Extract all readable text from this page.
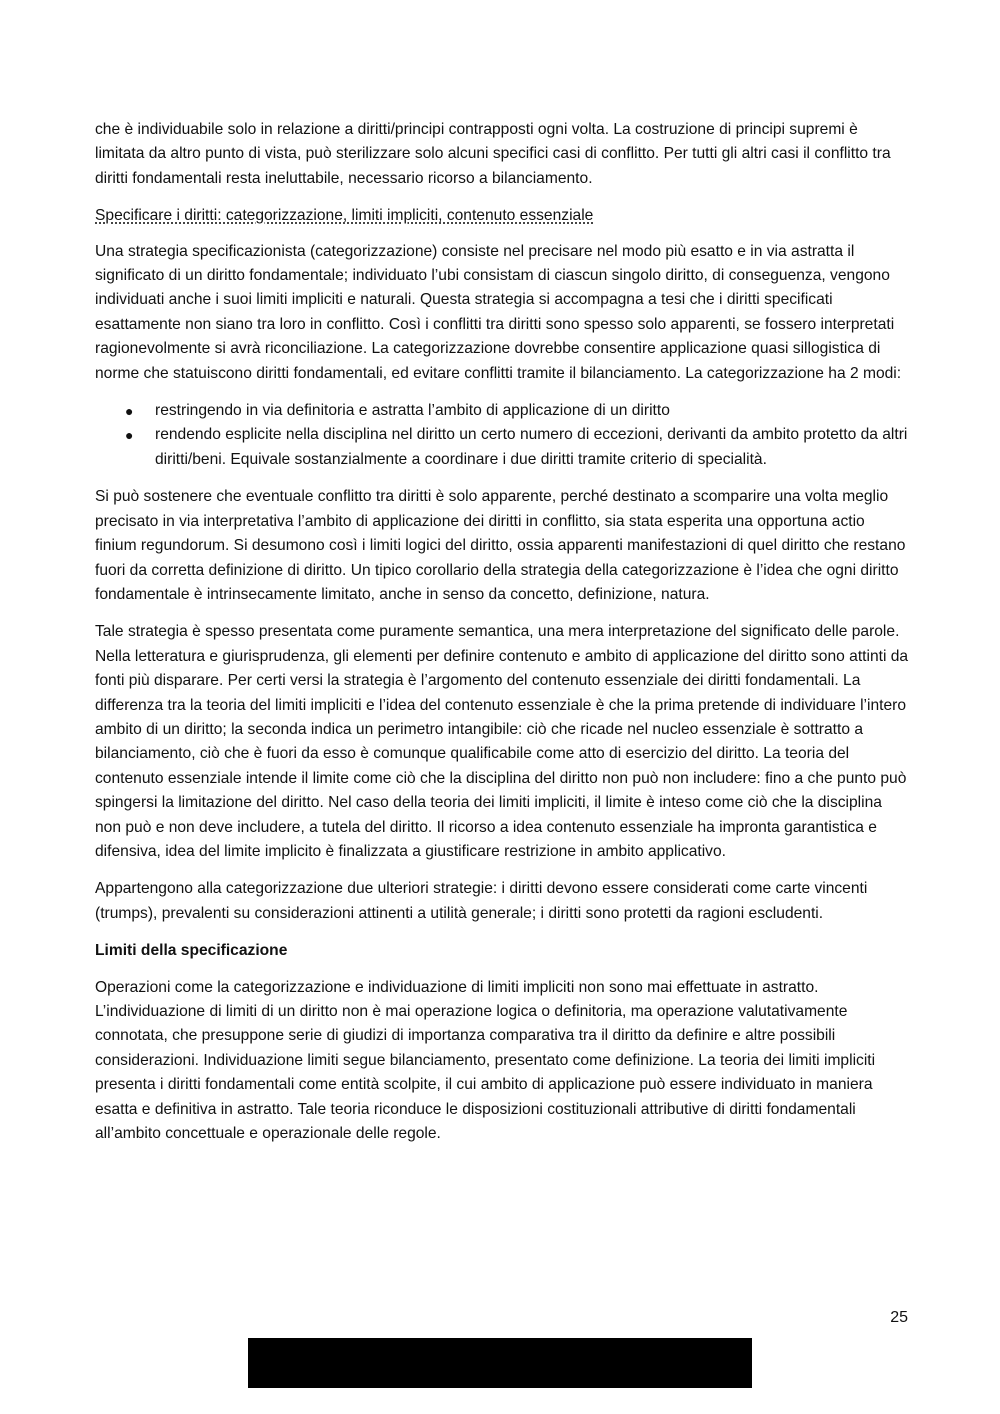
che è individuabile solo in relazione a diritti/principi contrapposti ogni volta. La costruzione di principi supremi è limitata da altro punto di vista, può sterilizzare solo alcuni specifici casi di conflitto. Per tutti gli altri casi il conflitto tra diritti fondamentali resta ineluttabile, necessario ricorso a bilanciamento.

Specificare i diritti: categorizzazione, limiti impliciti, contenuto essenziale

Una strategia specificazionista (categorizzazione) consiste nel precisare nel modo più esatto e in via astratta il significato di un diritto fondamentale; individuato l’ubi consistam di ciascun singolo diritto, di conseguenza, vengono individuati anche i suoi limiti impliciti e naturali. Questa strategia si accompagna a tesi che i diritti specificati esattamente non siano tra loro in conflitto. Così i conflitti tra diritti sono spesso solo apparenti, se fossero interpretati ragionevolmente si avrà riconciliazione. La categorizzazione dovrebbe consentire applicazione quasi sillogistica di norme che statuiscono diritti fondamentali, ed evitare conflitti tramite il bilanciamento. La categorizzazione ha 2 modi:

● restringendo in via definitoria e astratta l’ambito di applicazione di un diritto
● rendendo esplicite nella disciplina nel diritto un certo numero di eccezioni, derivanti da ambito protetto da altri diritti/beni. Equivale sostanzialmente a coordinare i due diritti tramite criterio di specialità.

Si può sostenere che eventuale conflitto tra diritti è solo apparente, perché destinato a scomparire una volta meglio precisato in via interpretativa l’ambito di applicazione dei diritti in conflitto, sia stata esperita una opportuna actio finium regundorum. Si desumono così i limiti logici del diritto, ossia apparenti manifestazioni di quel diritto che restano fuori da corretta definizione di diritto. Un tipico corollario della strategia della categorizzazione è l’idea che ogni diritto fondamentale è intrinsecamente limitato, anche in senso da concetto, definizione, natura.

Tale strategia è spesso presentata come puramente semantica, una mera interpretazione del significato delle parole. Nella letteratura e giurisprudenza, gli elementi per definire contenuto e ambito di applicazione del diritto sono attinti da fonti più disparare. Per certi versi la strategia è l’argomento del contenuto essenziale dei diritti fondamentali. La differenza tra la teoria del limiti impliciti e l’idea del contenuto essenziale è che la prima pretende di individuare l’intero ambito di un diritto; la seconda indica un perimetro intangibile: ciò che ricade nel nucleo essenziale è sottratto a bilanciamento, ciò che è fuori da esso è comunque qualificabile come atto di esercizio del diritto. La teoria del contenuto essenziale intende il limite come ciò che la disciplina del diritto non può non includere: fino a che punto può spingersi la limitazione del diritto. Nel caso della teoria dei limiti impliciti, il limite è inteso come ciò che la disciplina non può e non deve includere, a tutela del diritto. Il ricorso a idea contenuto essenziale ha impronta garantistica e difensiva, idea del limite implicito è finalizzata a giustificare restrizione in ambito applicativo.

Appartengono alla categorizzazione due ulteriori strategie: i diritti devono essere considerati come carte vincenti (trumps), prevalenti su considerazioni attinenti a utilità generale; i diritti sono protetti da ragioni escludenti.

Limiti della specificazione

Operazioni come la categorizzazione e individuazione di limiti impliciti non sono mai effettuate in astratto. L’individuazione di limiti di un diritto non è mai operazione logica o definitoria, ma operazione valutativamente connotata, che presuppone serie di giudizi di importanza comparativa tra il diritto da definire e altre possibili considerazioni. Individuazione limiti segue bilanciamento, presentato come definizione. La teoria dei limiti impliciti presenta i diritti fondamentali come entità scolpite, il cui ambito di applicazione può essere individuato in maniera esatta e definitiva in astratto. Tale teoria riconduce le disposizioni costituzionali attributive di diritti fondamentali all’ambito concettuale e operazionale delle regole.

25
